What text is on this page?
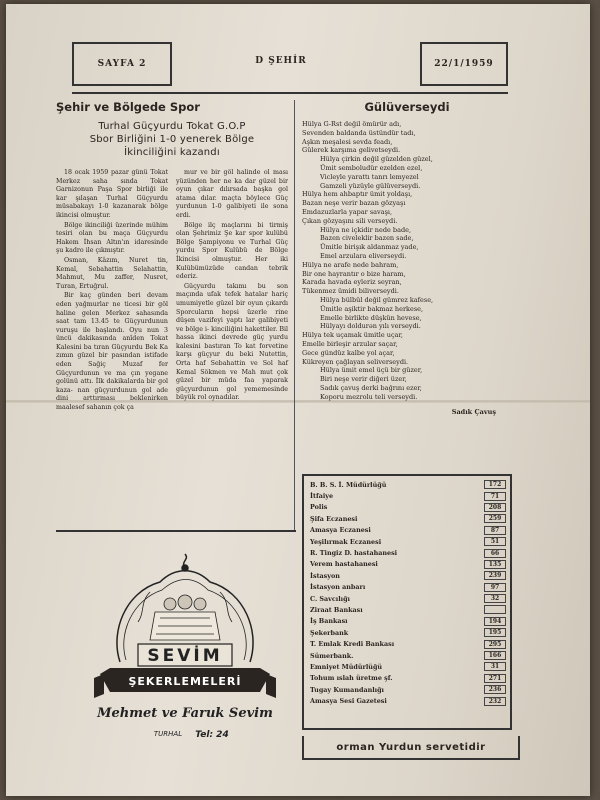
SAYFA 2	D ŞEHİR	22/1/1959
Şehir ve Bölgede Spor
Turhal Güçyurdu Tokat G.O.P
Sbor Birliğini 1-0 yenerek Bölge
İkinciliğini kazandı

18 ocak 1959 pazar günü Tokat Merkez saha sında Tokat Garnizonun Paşa Spor birliği ile kar şılaşan Turhal Güçyurdu müsabakayı 1-0 kazanarak bölge ikincisi olmuştur.

Bölge ikinciliği üzerinde mühim tesiri olan bu maça Güçyurdu Hakem İhsan Altın'ın idaresinde şu kadro ile çıkmıştır.

Osman, Kâzım, Nuret tin, Kemal, Sebahattin Selahattin, Mahmut, Mu zaffer, Nusret, Turan, Ertuğrul.

Bir kaç günden beri devam eden yağmurlar ne ticesi bir göl haline gelen Merkez sahasında saat tam 13.45 te Güçyurdunun vuruşu ile başlandı. Oyu nun 3 üncü dakikasında anîden Tokat Kalesini ba tıran Güçyurdu Bek Ka zımın güzel bir pasından istifade eden Sağiç Muzaf fer Güçyurdunun ve ma çın yegane golünü attı. İlk dakikalarda bir gol kaza- nan güçyurdunun gol ade dini arttırması beklenirken maalesef sahanın çok ça

mur ve bir göl halinde ol ması yüzünden her ne ka dar güzel bir oyun çıkar dılırsada başka gol atama dılar. maçta böylece Güç yurdunun 1-0 galibiyeti ile sona erdi.

Bölge ilç maçlarını bi tirmiş olan Şehrimiz Şe kar spor kulübü Bölge Şampiyonu ve Turhal Güç yurdu Spor Kulübü de Bölge İkincisi olmuştur. Her iki Kulübümüzüde candan tebrik ederiz.

Güçyurdu takımı bu son maçında ufak tefek hatalar hariç umumiyetle güzel bir oyun çıkardı Sporcuların hepsi üzerle rine düşen vazifeyi yaptı lar galibiyeti ve bölge i- kinciliğini hakettiler. Bil hassa ikinci devrede güç yurdu kalesini bastıran To kat forvetine karşı güçyur du beki Nutettin, Orta haf Sebahattin ve Sol haf Kemal Sökmen ve Mah mut çok güzel bir müda faa yaparak güçyurdunun gol yememesinde büyük rol oynadılar.

Gülüverseydi
Hülya G-Rst değil ömürür adı,
Sevenden baldanda üstündür tadı,
Aşkın meşalesi sevda feadı,
Gülerek karşıma gelivetseydi.
Hülya çirkin değil güzelden güzel,
Ümit semboludür ezelden ezel,
Vicleyle yarattı tanrı lemyezel
Gamzeli yüzüyle gülüverseydi.
Hülya hem ahbaptır ümit yoldaşı,
Bazan neşe verir bazan gözyaşı
Emdazuzlarla yapar savaşı,
Çıkan gözyaşını sili verseydi.
Hülya ne içkidir nede bade,
Bazen civeleklir bazen sade,
Ümitle birişık aldanmaz yade,
Emel arzulara eliverseydi.
Hülya ne arafe nede bahram,
Bir one hayrantır o bize haram,
Karada havada eyleriz seyran,
Tükenmez ümidi biliverseydi.
Hülya bülbül değil gümrez kafese,
Ümitle aşiktir bakmaz herkese,
Emelle birlikte düşkün hevese,
Hülyayı doldurən yılı verseydi.
Hülya tek uçamak ümitle uçar,
Emelle birleşir arzular saçar,
Gece gündüz kalbe yol açar,
Kükreyen çağlayan seliverseydi.
Hülya ümit emel üçü bir güzer,
Biri neşe verir diğeri üzer,
Sadık çavuş derki bağrını ezer,
Koporu mezrolu teli verseydi.
Sadık Çavuş
B. B. S. İ. Müdürlüğü	172
İtfaiye	71
Polis	208
Şifa Eczanesi	259
Amasya Eczanesi	87
Yeşilırmak Eczanesi	51
R. Tingiz D. hastahanesi	66
Verem hastahanesi	135
İstasyon	239
İstasyon anbarı	97
C. Savcılığı	32
Ziraat Bankası
İş Bankası	194
Şekerbank	195
T. Emlak Kredi Bankası	295
Sümerbank.	166
Emniyet Müdürlüğü	31
Tohum ıslah üretme şf.	271
Tugay Kumandanlığı	236
Amasya Sesi Gazetesi	232
orman Yurdun servetidir
SEVİM
ŞEKERLEMELERİ
Mehmet ve Faruk Sevim
TURHAL Tel: 24
